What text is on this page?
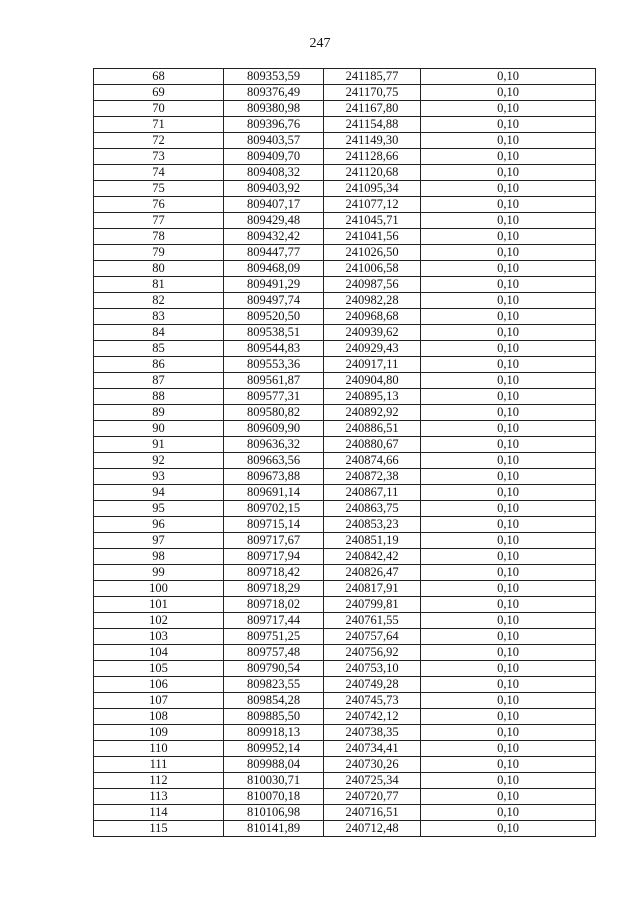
247
68	809353,59	241185,77	0,10
69	809376,49	241170,75	0,10
70	809380,98	241167,80	0,10
71	809396,76	241154,88	0,10
72	809403,57	241149,30	0,10
73	809409,70	241128,66	0,10
74	809408,32	241120,68	0,10
75	809403,92	241095,34	0,10
76	809407,17	241077,12	0,10
77	809429,48	241045,71	0,10
78	809432,42	241041,56	0,10
79	809447,77	241026,50	0,10
80	809468,09	241006,58	0,10
81	809491,29	240987,56	0,10
82	809497,74	240982,28	0,10
83	809520,50	240968,68	0,10
84	809538,51	240939,62	0,10
85	809544,83	240929,43	0,10
86	809553,36	240917,11	0,10
87	809561,87	240904,80	0,10
88	809577,31	240895,13	0,10
89	809580,82	240892,92	0,10
90	809609,90	240886,51	0,10
91	809636,32	240880,67	0,10
92	809663,56	240874,66	0,10
93	809673,88	240872,38	0,10
94	809691,14	240867,11	0,10
95	809702,15	240863,75	0,10
96	809715,14	240853,23	0,10
97	809717,67	240851,19	0,10
98	809717,94	240842,42	0,10
99	809718,42	240826,47	0,10
100	809718,29	240817,91	0,10
101	809718,02	240799,81	0,10
102	809717,44	240761,55	0,10
103	809751,25	240757,64	0,10
104	809757,48	240756,92	0,10
105	809790,54	240753,10	0,10
106	809823,55	240749,28	0,10
107	809854,28	240745,73	0,10
108	809885,50	240742,12	0,10
109	809918,13	240738,35	0,10
110	809952,14	240734,41	0,10
111	809988,04	240730,26	0,10
112	810030,71	240725,34	0,10
113	810070,18	240720,77	0,10
114	810106,98	240716,51	0,10
115	810141,89	240712,48	0,10
